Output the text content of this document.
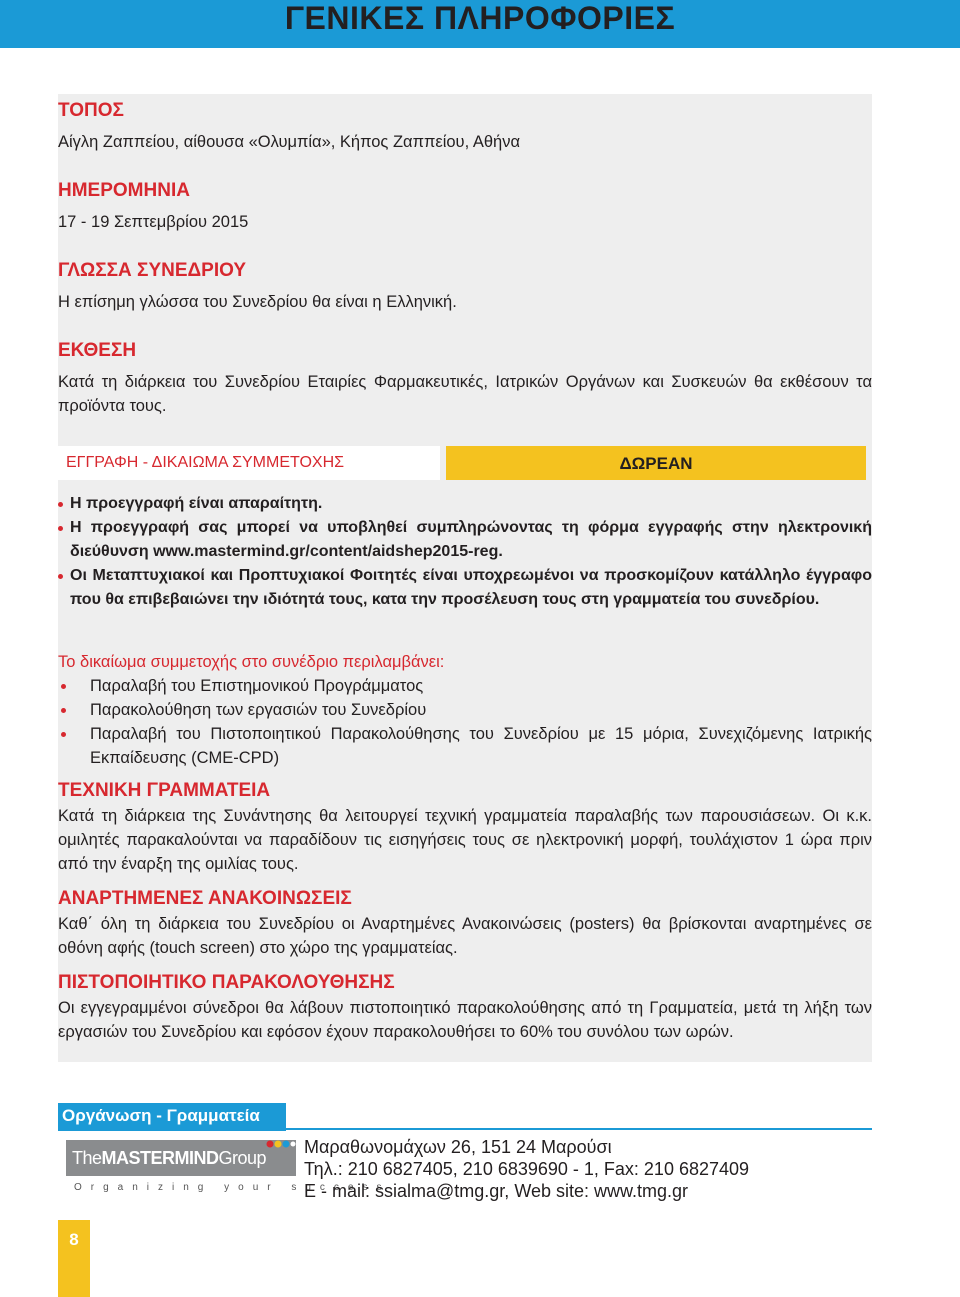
ΓΕΝΙΚΕΣ ΠΛΗΡΟΦΟΡΙΕΣ

ΤΟΠΟΣ

Αίγλη Ζαππείου, αίθουσα «Ολυμπία», Κήπος Ζαππείου, Αθήνα

ΗΜΕΡΟΜΗΝΙΑ

17 - 19 Σεπτεμβρίου 2015

ΓΛΩΣΣΑ ΣΥΝΕΔΡΙΟΥ

Η επίσημη γλώσσα του Συνεδρίου θα είναι η Ελληνική.

ΕΚΘΕΣΗ

Κατά τη διάρκεια του Συνεδρίου Εταιρίες Φαρμακευτικές, Ιατρικών Οργάνων και Συσκευών θα εκθέσουν τα προϊόντα τους.

ΕΓΓΡΑΦΗ - ΔΙΚΑΙΩΜΑ ΣΥΜΜΕΤΟΧΗΣ	ΔΩΡΕΑΝ
Η προεγγραφή είναι απαραίτητη.
Η προεγγραφή σας μπορεί να υποβληθεί συμπληρώνοντας τη φόρμα εγγραφής στην ηλεκτρονική διεύθυνση www.mastermind.gr/content/aidshep2015-reg.
Οι Μεταπτυχιακοί και Προπτυχιακοί Φοιτητές είναι υποχρεωμένοι να προσκομίζουν κατάλληλο έγγραφο που θα επιβεβαιώνει την ιδιότητά τους, κατα την προσέλευση τους στη γραμματεία του συνεδρίου.
Το δικαίωμα συμμετοχής στο συνέδριο περιλαμβάνει:
Παραλαβή του Επιστημονικού Προγράμματος
Παρακολούθηση των εργασιών του Συνεδρίου
Παραλαβή του Πιστοποιητικού Παρακολούθησης του Συνεδρίου με 15 μόρια, Συνεχιζόμενης Ιατρικής Εκπαίδευσης (CME-CPD)

ΤΕΧΝΙΚΗ ΓΡΑΜΜΑΤΕΙΑ

Κατά τη διάρκεια της Συνάντησης θα λειτουργεί τεχνική γραμματεία παραλαβής των παρουσιάσεων. Οι κ.κ. ομιλητές παρακαλούνται να παραδίδουν τις εισηγήσεις τους σε ηλεκτρονική μορφή, τουλάχιστον 1 ώρα πριν από την έναρξη της ομιλίας τους.

ΑΝΑΡΤΗΜΕΝΕΣ ΑΝΑΚΟΙΝΩΣΕΙΣ

Καθ΄ όλη τη διάρκεια του Συνεδρίου οι Αναρτημένες Ανακοινώσεις (posters) θα βρίσκονται αναρτημένες σε οθόνη αφής (touch screen) στο χώρο της γραμματείας.

ΠΙΣΤΟΠΟΙΗΤΙΚΟ ΠΑΡΑΚΟΛΟΥΘΗΣΗΣ

Οι εγγεγραμμένοι σύνεδροι θα λάβουν πιστοποιητικό παρακολούθησης από τη Γραμματεία, μετά τη λήξη των εργασιών του Συνεδρίου και εφόσον έχουν παρακολουθήσει το 60% του συνόλου των ωρών.

Οργάνωση - Γραμματεία
TheMASTERMINDGroup
Organizing your success
Μαραθωνομάχων 26, 151 24 Μαρούσι
Τηλ.: 210 6827405, 210 6839690 - 1, Fax: 210 6827409
E - mail: ssialma@tmg.gr, Web site: www.tmg.gr
8
